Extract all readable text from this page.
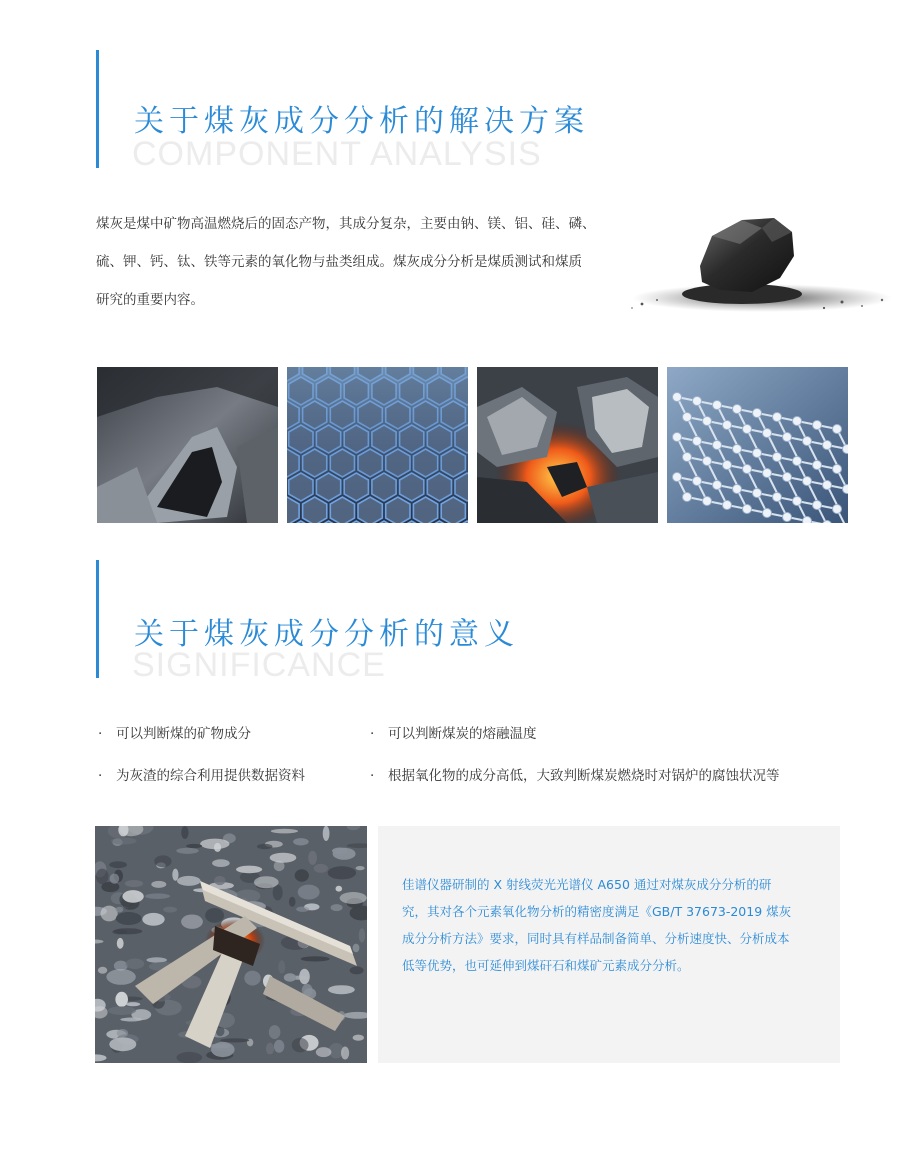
关于煤灰成分分析的解决方案
COMPONENT ANALYSIS
煤灰是煤中矿物高温燃烧后的固态产物，其成分复杂，主要由钠、镁、铝、硅、磷、
硫、钾、钙、钛、铁等元素的氧化物与盐类组成。煤灰成分分析是煤质测试和煤质
研究的重要内容。
关于煤灰成分分析的意义
SIGNIFICANCE
· 可以判断煤的矿物成分	· 可以判断煤炭的熔融温度
· 为灰渣的综合利用提供数据资料	· 根据氧化物的成分高低，大致判断煤炭燃烧时对锅炉的腐蚀状况等
佳谱仪器研制的 X 射线荧光光谱仪 A650 通过对煤灰成分分析的研
究，其对各个元素氧化物分析的精密度满足《GB/T 37673-2019 煤灰
成分分析方法》要求，同时具有样品制备简单、分析速度快、分析成本
低等优势，也可延伸到煤矸石和煤矿元素成分分析。
